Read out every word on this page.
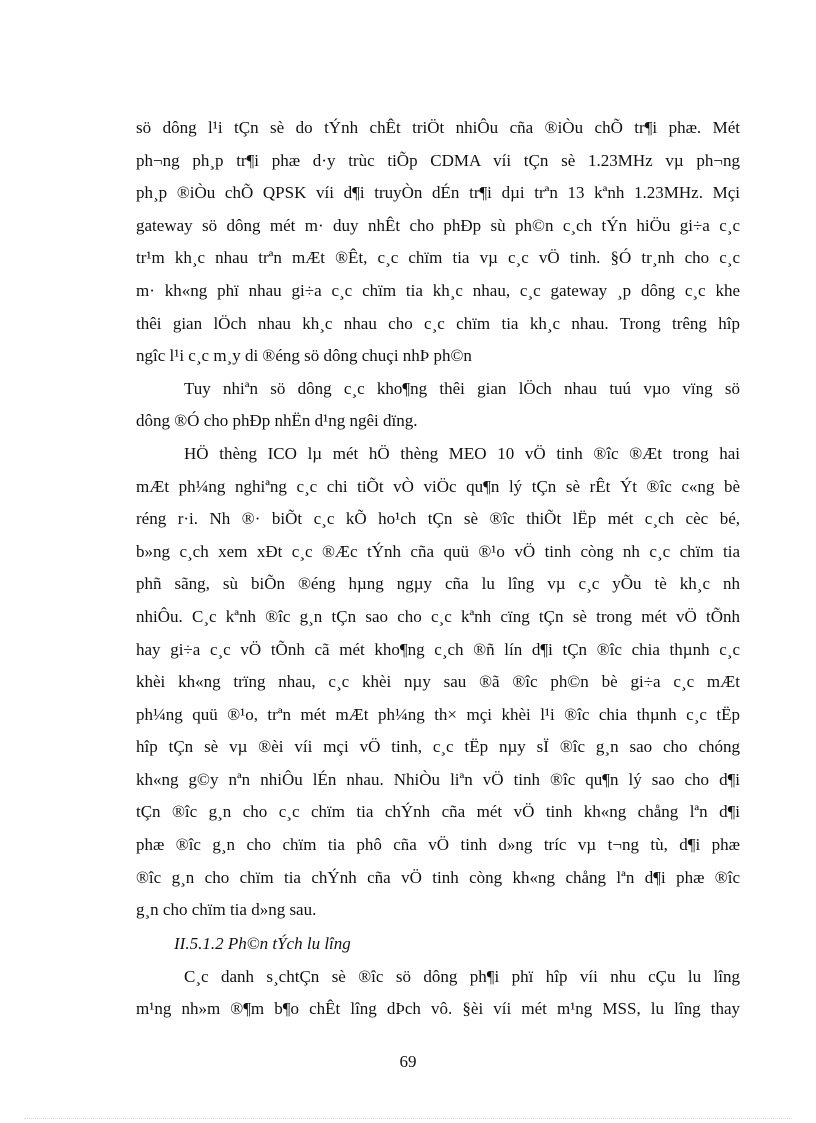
sö dông l¹i tÇn sè do tÝnh chÊt triÖt nhiÔu cña ®iÒu chÕ tr¶i phæ. Mét
ph¬ng ph¸p tr¶i phæ d·y trùc tiÕp CDMA víi tÇn sè 1.23MHz vµ ph¬ng
ph¸p ®iÒu chÕ QPSK víi d¶i truyÒn dÉn tr¶i dµi trªn 13 kªnh 1.23MHz. Mçi
gateway sö dông mét m· duy nhÊt cho phÐp sù ph©n c¸ch tÝn hiÖu gi÷a c¸c
tr¹m kh¸c nhau trªn mÆt ®Êt, c¸c chïm tia vµ c¸c vÖ tinh. §Ó tr¸nh cho c¸c
m· kh«ng phï nhau gi÷a c¸c chïm tia kh¸c nhau, c¸c gateway ¸p dông c¸c khe
thêi gian lÖch nhau kh¸c nhau cho c¸c chïm tia kh¸c nhau. Trong trêng hîp
ngîc l¹i c¸c m¸y di ®éng sö dông chuçi nhÞ ph©n
Tuy nhiªn sö dông c¸c kho¶ng thêi gian lÖch nhau tuú vµo vïng sö
dông ®Ó cho phÐp nhËn d¹ng ngêi dïng.
HÖ thèng ICO lµ mét hÖ thèng MEO 10 vÖ tinh ®îc ®Æt trong hai
mÆt ph¼ng nghiªng c¸c chi tiÕt vÒ viÖc qu¶n lý tÇn sè rÊt Ýt ®îc c«ng bè
réng r·i. Nh ®· biÕt c¸c kÕ ho¹ch tÇn sè ®îc thiÕt lËp mét c¸ch cèc bé,
b»ng c¸ch xem xÐt c¸c ®Æc tÝnh cña quü ®¹o vÖ tinh còng nh c¸c chïm tia
phñ sãng, sù biÕn ®éng hµng ngµy cña lu lîng vµ c¸c yÕu tè kh¸c nh
nhiÔu. C¸c kªnh ®îc g¸n tÇn sao cho c¸c kªnh cïng tÇn sè trong mét vÖ tÕnh
hay gi÷a c¸c vÖ tÕnh cã mét kho¶ng c¸ch ®ñ lín d¶i tÇn ®îc chia thµnh c¸c
khèi kh«ng trïng nhau, c¸c khèi nµy sau ®ã ®îc ph©n bè gi÷a c¸c mÆt
ph¼ng quü ®¹o, trªn mét mÆt ph¼ng th× mçi khèi l¹i ®îc chia thµnh c¸c tËp
hîp tÇn sè vµ ®èi víi mçi vÖ tinh, c¸c tËp nµy sÏ ®îc g¸n sao cho chóng
kh«ng g©y nªn nhiÔu lÉn nhau. NhiÒu liªn vÖ tinh ®îc qu¶n lý sao cho d¶i
tÇn ®îc g¸n cho c¸c chïm tia chÝnh cña mét vÖ tinh kh«ng chång lªn d¶i
phæ ®îc g¸n cho chïm tia phô cña vÖ tinh d»ng tríc vµ t¬ng tù, d¶i phæ
®îc g¸n cho chïm tia chÝnh cña vÖ tinh còng kh«ng chång lªn d¶i phæ ®îc
g¸n cho chïm tia d»ng sau.
II.5.1.2 Ph©n tÝch lu lîng
C¸c danh s¸chtÇn sè ®îc sö dông ph¶i phï hîp víi nhu cÇu lu lîng
m¹ng nh»m ®¶m b¶o chÊt lîng dÞch vô. §èi víi mét m¹ng MSS, lu lîng thay
69
